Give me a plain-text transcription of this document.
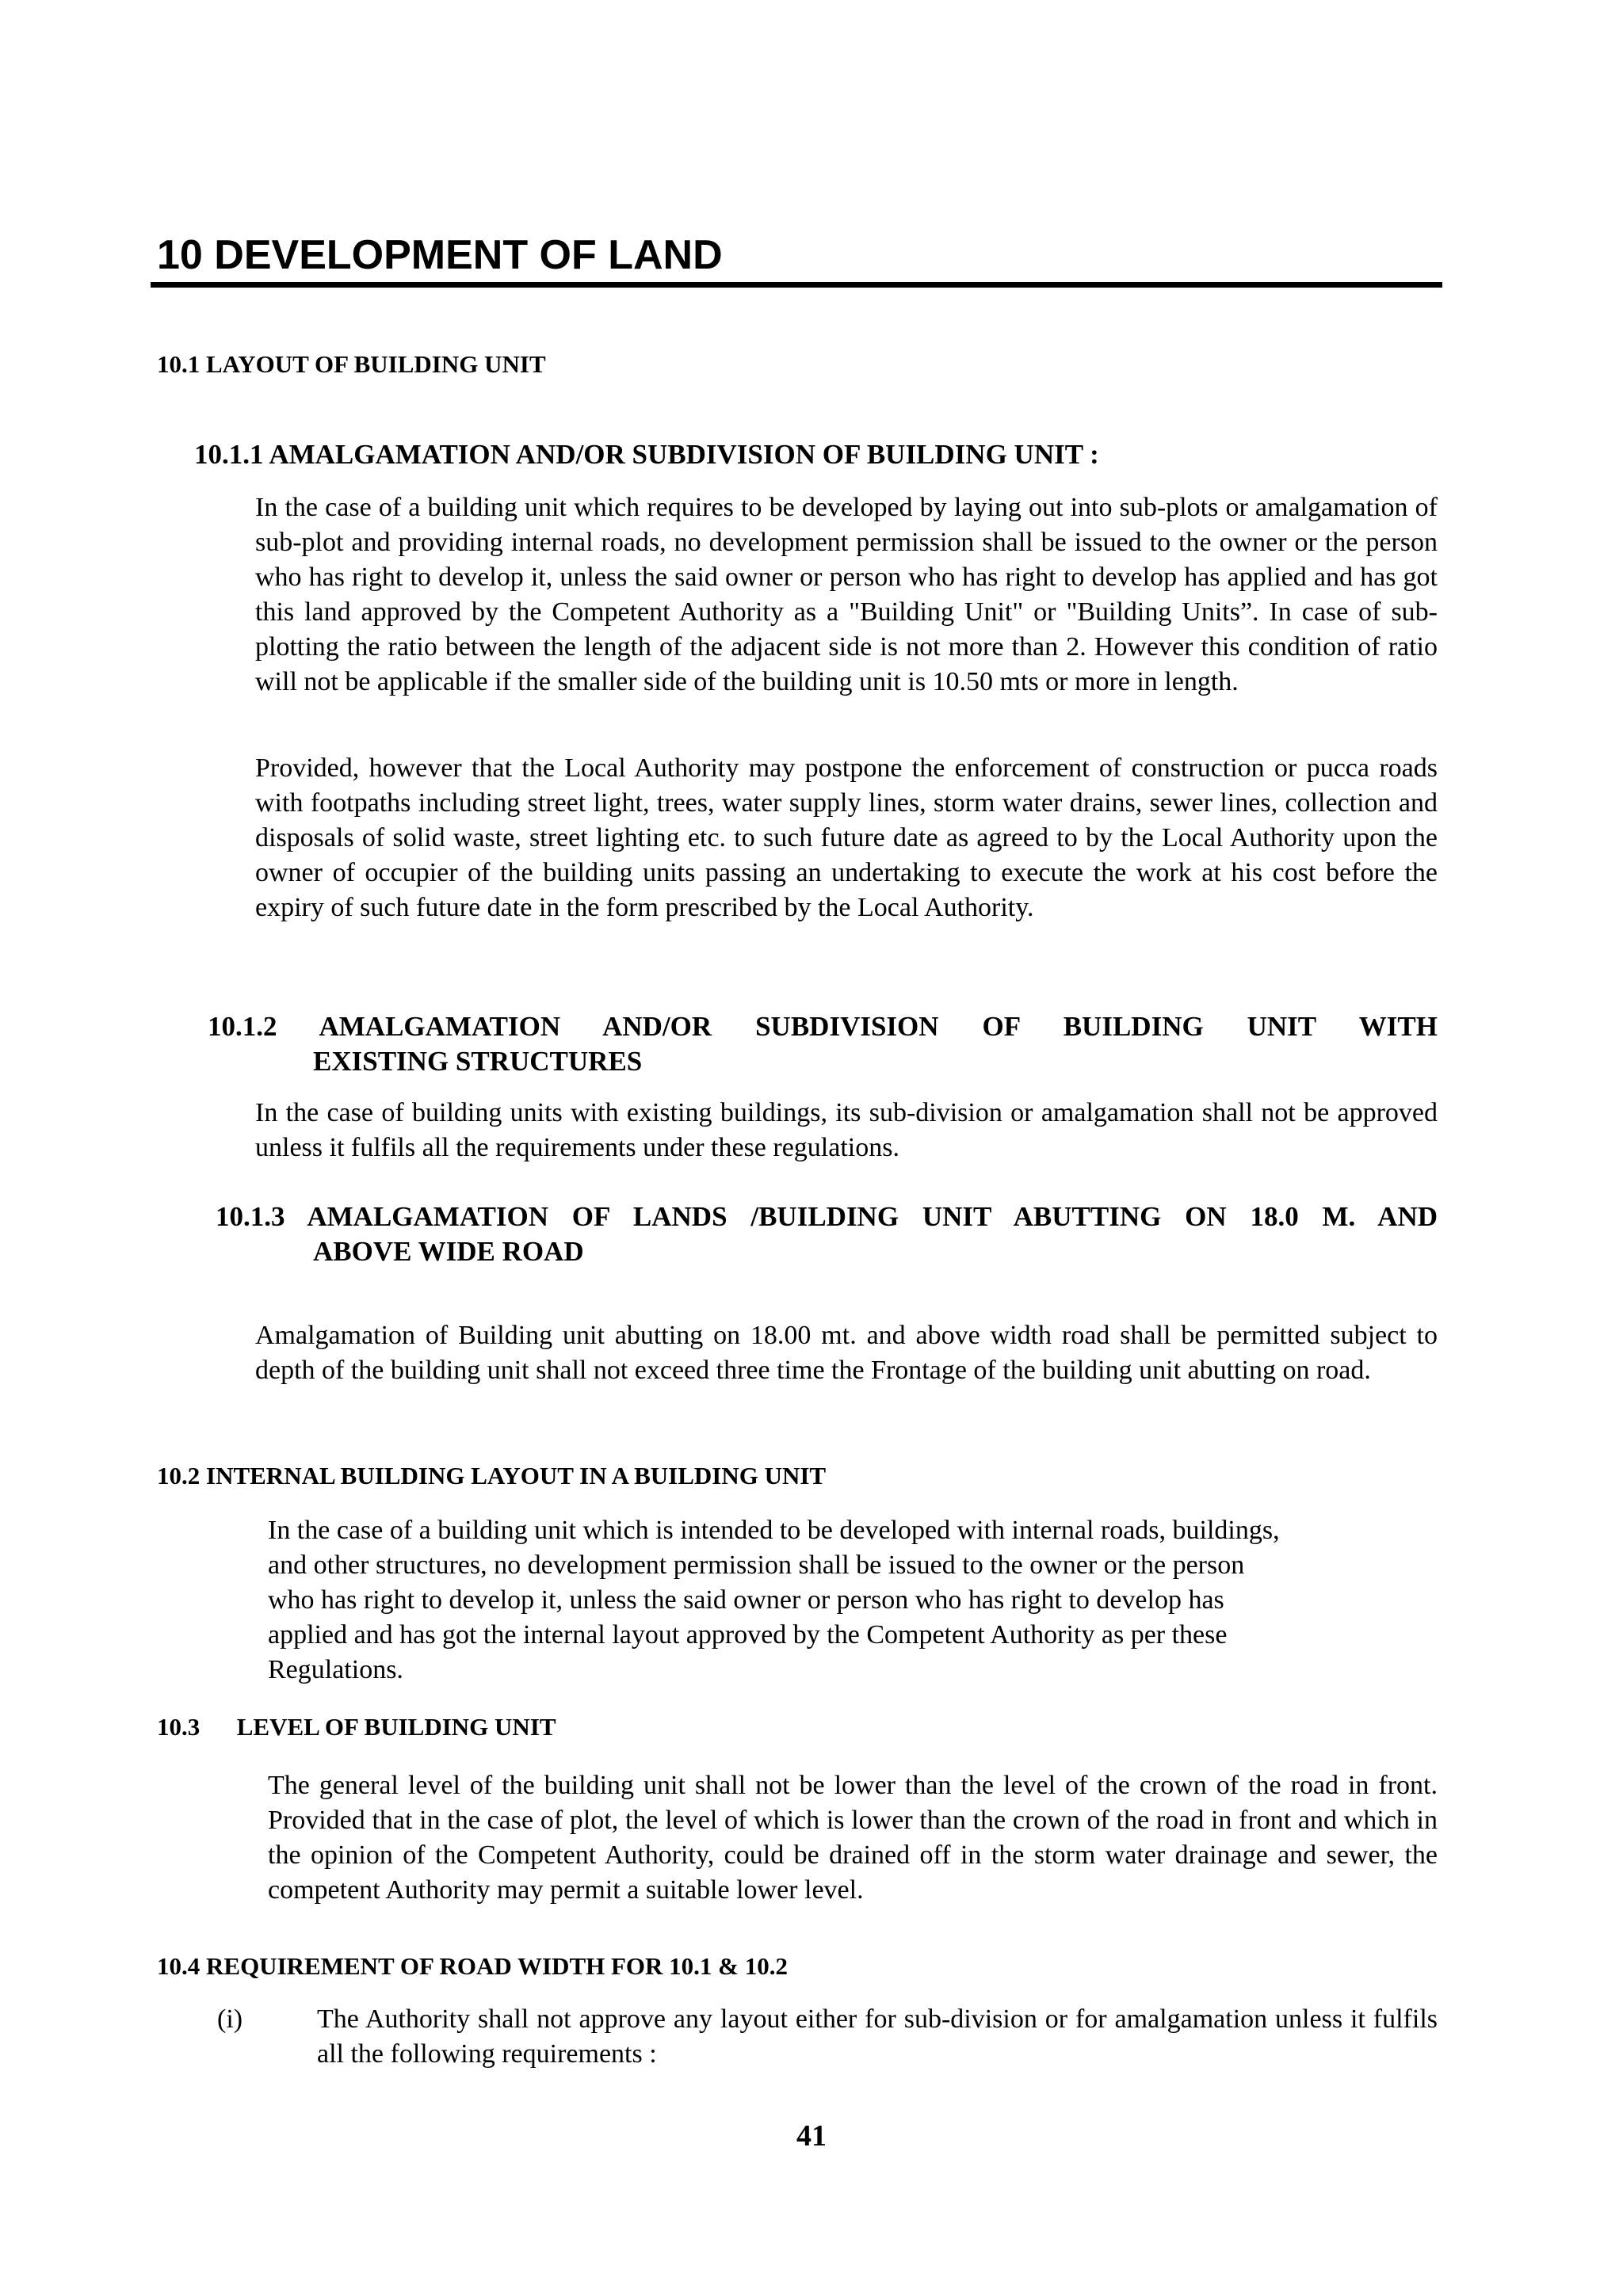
10 DEVELOPMENT OF LAND
10.1 LAYOUT OF BUILDING UNIT
10.1.1 AMALGAMATION AND/OR SUBDIVISION OF BUILDING UNIT :

In the case of a building unit which requires to be developed by laying out into sub-plots or amalgamation of sub-plot and providing internal roads, no development permission shall be issued to the owner or the person who has right to develop it, unless the said owner or person who has right to develop has applied and has got this land approved by the Competent Authority as a "Building Unit" or "Building Units”. In case of sub-plotting the ratio between the length of the adjacent side is not more than 2. However this condition of ratio will not be applicable if the smaller side of the building unit is 10.50 mts or more in length.

Provided, however that the Local Authority may postpone the enforcement of construction or pucca roads with footpaths including street light, trees, water supply lines, storm water drains, sewer lines, collection and disposals of solid waste, street lighting etc. to such future date as agreed to by the Local Authority upon the owner of occupier of the building units passing an undertaking to execute the work at his cost before the expiry of such future date in the form prescribed by the Local Authority.

10.1.2   AMALGAMATION   AND/OR   SUBDIVISION   OF   BUILDING   UNIT   WITH
EXISTING STRUCTURES

In the case of building units with existing buildings, its sub-division or amalgamation shall not be approved unless it fulfils all the requirements under these regulations.

10.1.3  AMALGAMATION  OF  LANDS  /BUILDING  UNIT  ABUTTING  ON  18.0  M.  AND
ABOVE WIDE ROAD

Amalgamation of Building unit abutting on 18.00 mt. and above width road shall be permitted subject to depth of the building unit shall not exceed three time the Frontage of the building unit abutting on road.

10.2 INTERNAL BUILDING LAYOUT IN A BUILDING UNIT
In the case of a building unit which is intended to be developed with internal roads, buildings,
and other structures, no development permission shall be issued to the owner or the person
who has right to develop it, unless the said owner or person who has right to develop has
applied and has got the internal layout approved by the Competent Authority as per these
Regulations.
10.3      LEVEL OF BUILDING UNIT

The general level of the building unit shall not be lower than the level of the crown of the road in front. Provided that in the case of plot, the level of which is lower than the crown of the road in front and which in the opinion of the Competent Authority, could be drained off in the storm water drainage and sewer, the competent Authority may permit a suitable lower level.

10.4 REQUIREMENT OF ROAD WIDTH FOR 10.1 & 10.2
(i)	The Authority shall not approve any layout either for sub-division or for amalgamation unless it fulfils all the following requirements :

41
